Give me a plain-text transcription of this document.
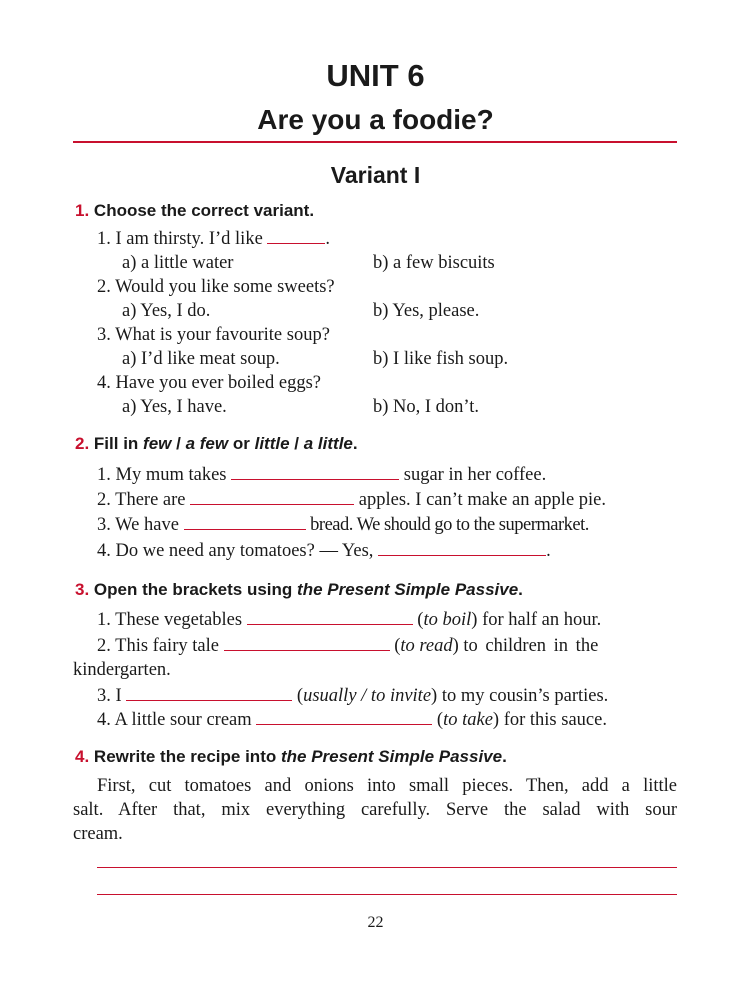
UNIT 6
Are you a foodie?
Variant I
1. Choose the correct variant.
1. I am thirsty. I’d like	.
a) a little water	b) a few biscuits
2. Would you like some sweets?
a) Yes, I do.	b) Yes, please.
3. What is your favourite soup?
a) I’d like meat soup.	b) I like fish soup.
4. Have you ever boiled eggs?
a) Yes, I have.	b) No, I don’t.
2. Fill in few / a few or little / a little.
1. My mum takes	sugar in her coffee.
2. There are	apples. I can’t make an apple pie.
3. We have	bread. We should go to the supermarket.
4. Do we need any tomatoes? — Yes,	.
3. Open the brackets using the Present Simple Passive.
1. These vegetables	(to boil) for half an hour.
2. This fairy tale	(to read) to children in the
kindergarten.
3. I	(usually / to invite) to my cousin’s parties.
4. A little sour cream	(to take) for this sauce.
4. Rewrite the recipe into the Present Simple Passive.
First, cut tomatoes and onions into small pieces. Then, add a little
salt. After that, mix everything carefully. Serve the salad with sour
cream.
22
